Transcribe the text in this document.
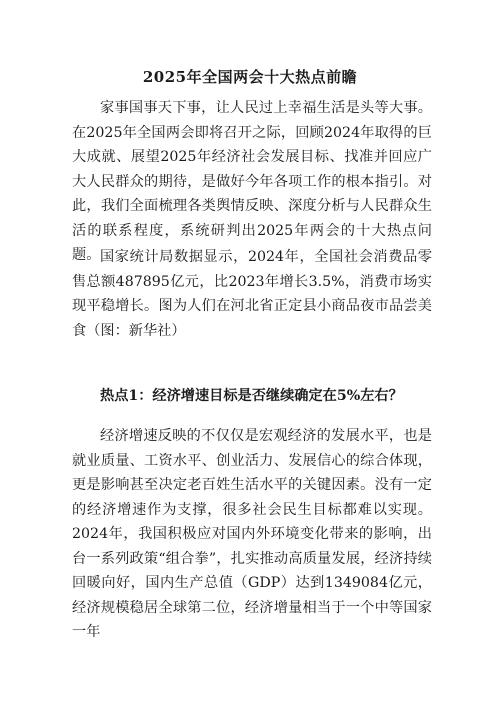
2025年全国两会十大热点前瞻

家事国事天下事，让人民过上幸福生活是头等大事。在2025年全国两会即将召开之际，回顾2024年取得的巨大成就、展望2025年经济社会发展目标、找准并回应广大人民群众的期待，是做好今年各项工作的根本指引。对此，我们全面梳理各类舆情反映、深度分析与人民群众生活的联系程度，系统研判出2025年两会的十大热点问题。 国家统计局数据显示，2024年，全国社会消费品零售总额487895亿元，比2023年增长3.5%，消费市场实现平稳增长。图为人们在河北省正定县小商品夜市品尝美食（图：新华社）

热点1：经济增速目标是否继续确定在5%左右？

经济增速反映的不仅仅是宏观经济的发展水平，也是就业质量、工资水平、创业活力、发展信心的综合体现，更是影响甚至决定老百姓生活水平的关键因素。没有一定的经济增速作为支撑，很多社会民生目标都难以实现。2024年，我国积极应对国内外环境变化带来的影响，出台一系列政策“组合拳”，扎实推动高质量发展，经济持续回暖向好，国内生产总值（GDP）达到1349084亿元，经济规模稳居全球第二位，经济增量相当于一个中等国家一年
